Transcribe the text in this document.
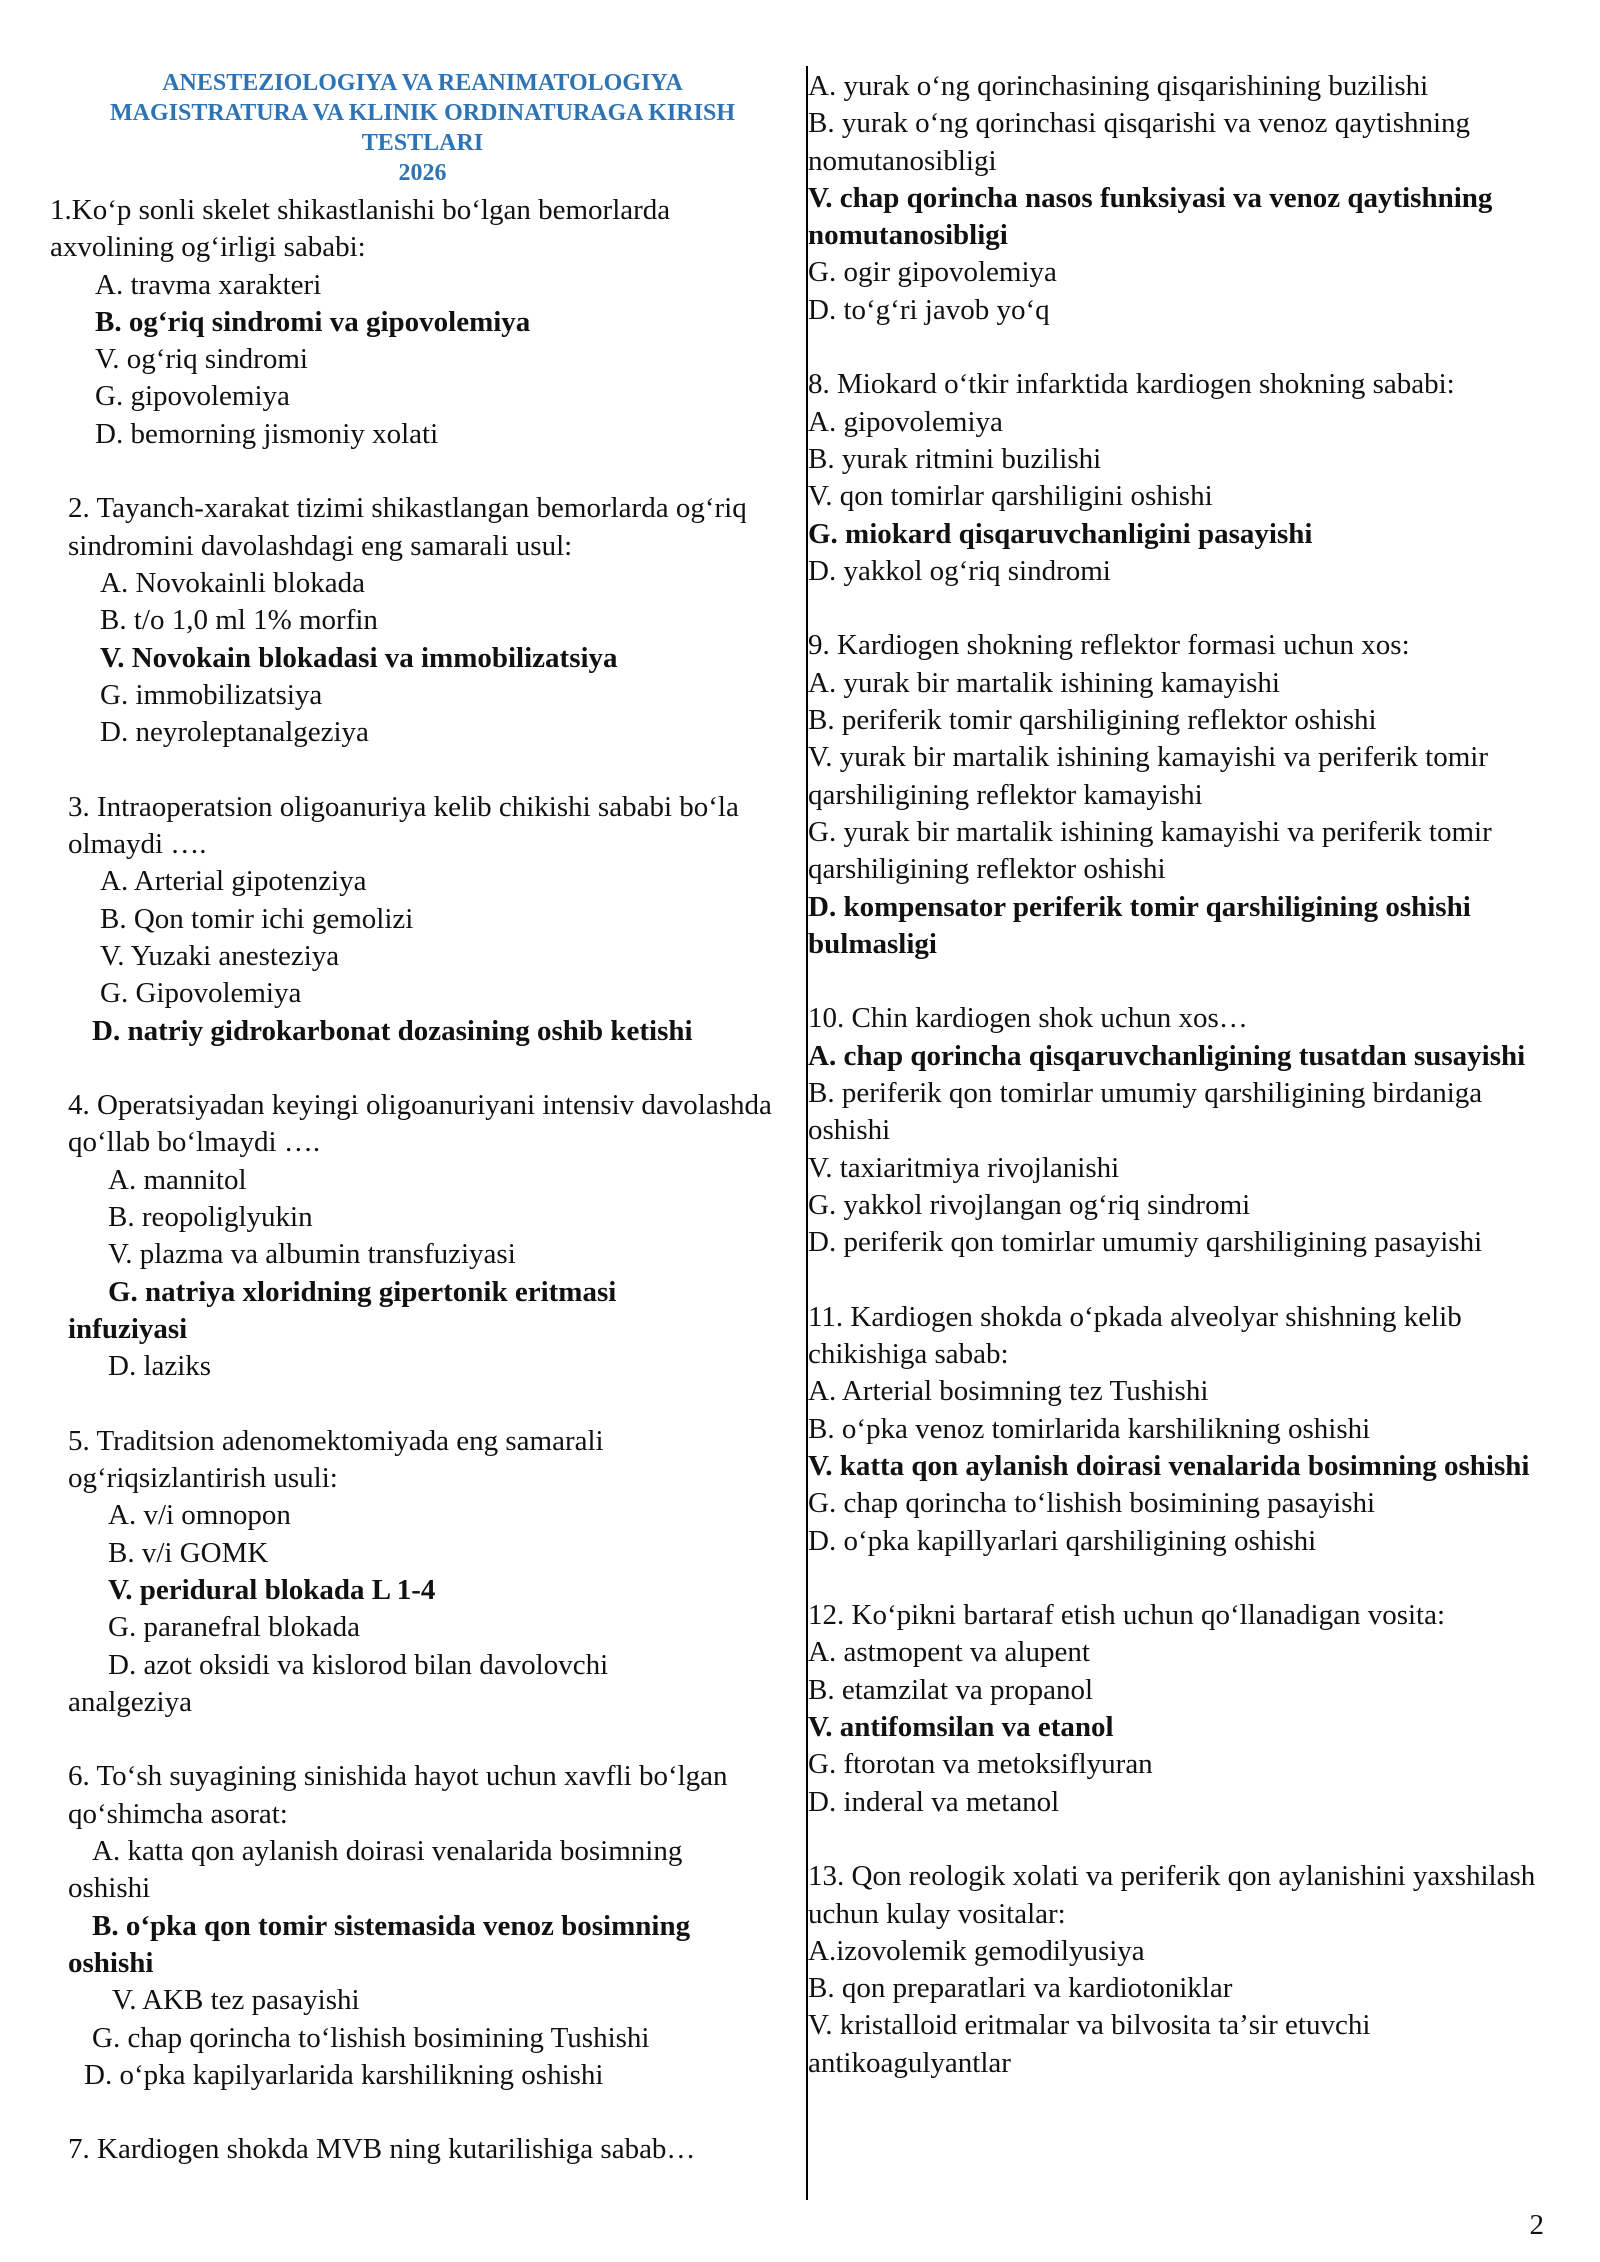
ANESTEZIOLOGIYA VA REANIMATOLOGIYA
MAGISTRATURA VA KLINIK ORDINATURAGA KIRISH
TESTLARI
2026
1.Koʻp sonli skelet shikastlanishi boʻlgan bemorlarda axvolining ogʻirligi sababi:
A. travma xarakteri
B. ogʻriq sindromi va gipovolemiya
V. ogʻriq sindromi
G. gipovolemiya
D. bemorning jismoniy xolati
2. Tayanch-xarakat tizimi shikastlangan bemorlarda ogʻriq sindromini davolashdagi eng samarali usul:
A. Novokainli blokada
B. t/o 1,0 ml 1% morfin
V. Novokain blokadasi va immobilizatsiya
G. immobilizatsiya
D. neyroleptanalgeziya
3. Intraoperatsion oligoanuriya kelib chikishi sababi boʻla olmaydi ….
A. Arterial gipotenziya
B. Qon tomir ichi gemolizi
V. Yuzaki anesteziya
G. Gipovolemiya
D. natriy gidrokarbonat dozasining oshib ketishi
4. Operatsiyadan keyingi oligoanuriyani intensiv davolashda qoʻllab boʻlmaydi ….
A. mannitol
B. reopoliglyukin
V. plazma va albumin transfuziyasi
G. natriya xloridning gipertonik eritmasi
infuziyasi
D. laziks
5. Traditsion adenomektomiyada eng samarali ogʻriqsizlantirish usuli:
A. v/i omnopon
B. v/i GOMK
V. peridural blokada L 1-4
G. paranefral blokada
D. azot oksidi va kislorod bilan davolovchi
analgeziya
6. Toʻsh suyagining sinishida hayot uchun xavfli boʻlgan qoʻshimcha asorat:
A. katta qon aylanish doirasi venalarida bosimning
oshishi
B. oʻpka qon tomir sistemasida venoz bosimning
oshishi
V. AKB tez pasayishi
G. chap qorincha toʻlishish bosimining Tushishi
D. oʻpka kapilyarlarida karshilikning oshishi
7. Kardiogen shokda MVB ning kutarilishiga sabab…
A. yurak oʻng qorinchasining qisqarishining buzilishi
B. yurak oʻng qorinchasi qisqarishi va venoz qaytishning nomutanosibligi
V. chap qorincha nasos funksiyasi va venoz qaytishning nomutanosibligi
G. ogir gipovolemiya
D. toʻgʻri javob yoʻq
8. Miokard oʻtkir infarktida kardiogen shokning sababi:
A. gipovolemiya
B. yurak ritmini buzilishi
V. qon tomirlar qarshiligini oshishi
G. miokard qisqaruvchanligini pasayishi
D. yakkol ogʻriq sindromi
9. Kardiogen shokning reflektor formasi uchun xos:
A. yurak bir martalik ishining kamayishi
B. periferik tomir qarshiligining reflektor oshishi
V. yurak bir martalik ishining kamayishi va periferik tomir qarshiligining reflektor kamayishi
G. yurak bir martalik ishining kamayishi va periferik tomir qarshiligining reflektor oshishi
D. kompensator periferik tomir qarshiligining oshishi bulmasligi
10. Chin kardiogen shok uchun xos…
A. chap qorincha qisqaruvchanligining tusatdan susayishi
B. periferik qon tomirlar umumiy qarshiligining birdaniga oshishi
V. taxiaritmiya rivojlanishi
G. yakkol rivojlangan ogʻriq sindromi
D. periferik qon tomirlar umumiy qarshiligining pasayishi
11. Kardiogen shokda oʻpkada alveolyar shishning kelib chikishiga sabab:
A. Arterial bosimning tez Tushishi
B. oʻpka venoz tomirlarida karshilikning oshishi
V. katta qon aylanish doirasi venalarida bosimning oshishi
G. chap qorincha toʻlishish bosimining pasayishi
D. oʻpka kapillyarlari qarshiligining oshishi
12. Koʻpikni bartaraf etish uchun qoʻllanadigan vosita:
A. astmopent va alupent
B. etamzilat va propanol
V. antifomsilan va etanol
G. ftorotan va metoksiflyuran
D. inderal va metanol
13. Qon reologik xolati va periferik qon aylanishini yaxshilash uchun kulay vositalar:
A.izovolemik gemodilyusiya
B. qon preparatlari va kardiotoniklar
V. kristalloid eritmalar va bilvosita taʼsir etuvchi antikoagulyantlar
2
